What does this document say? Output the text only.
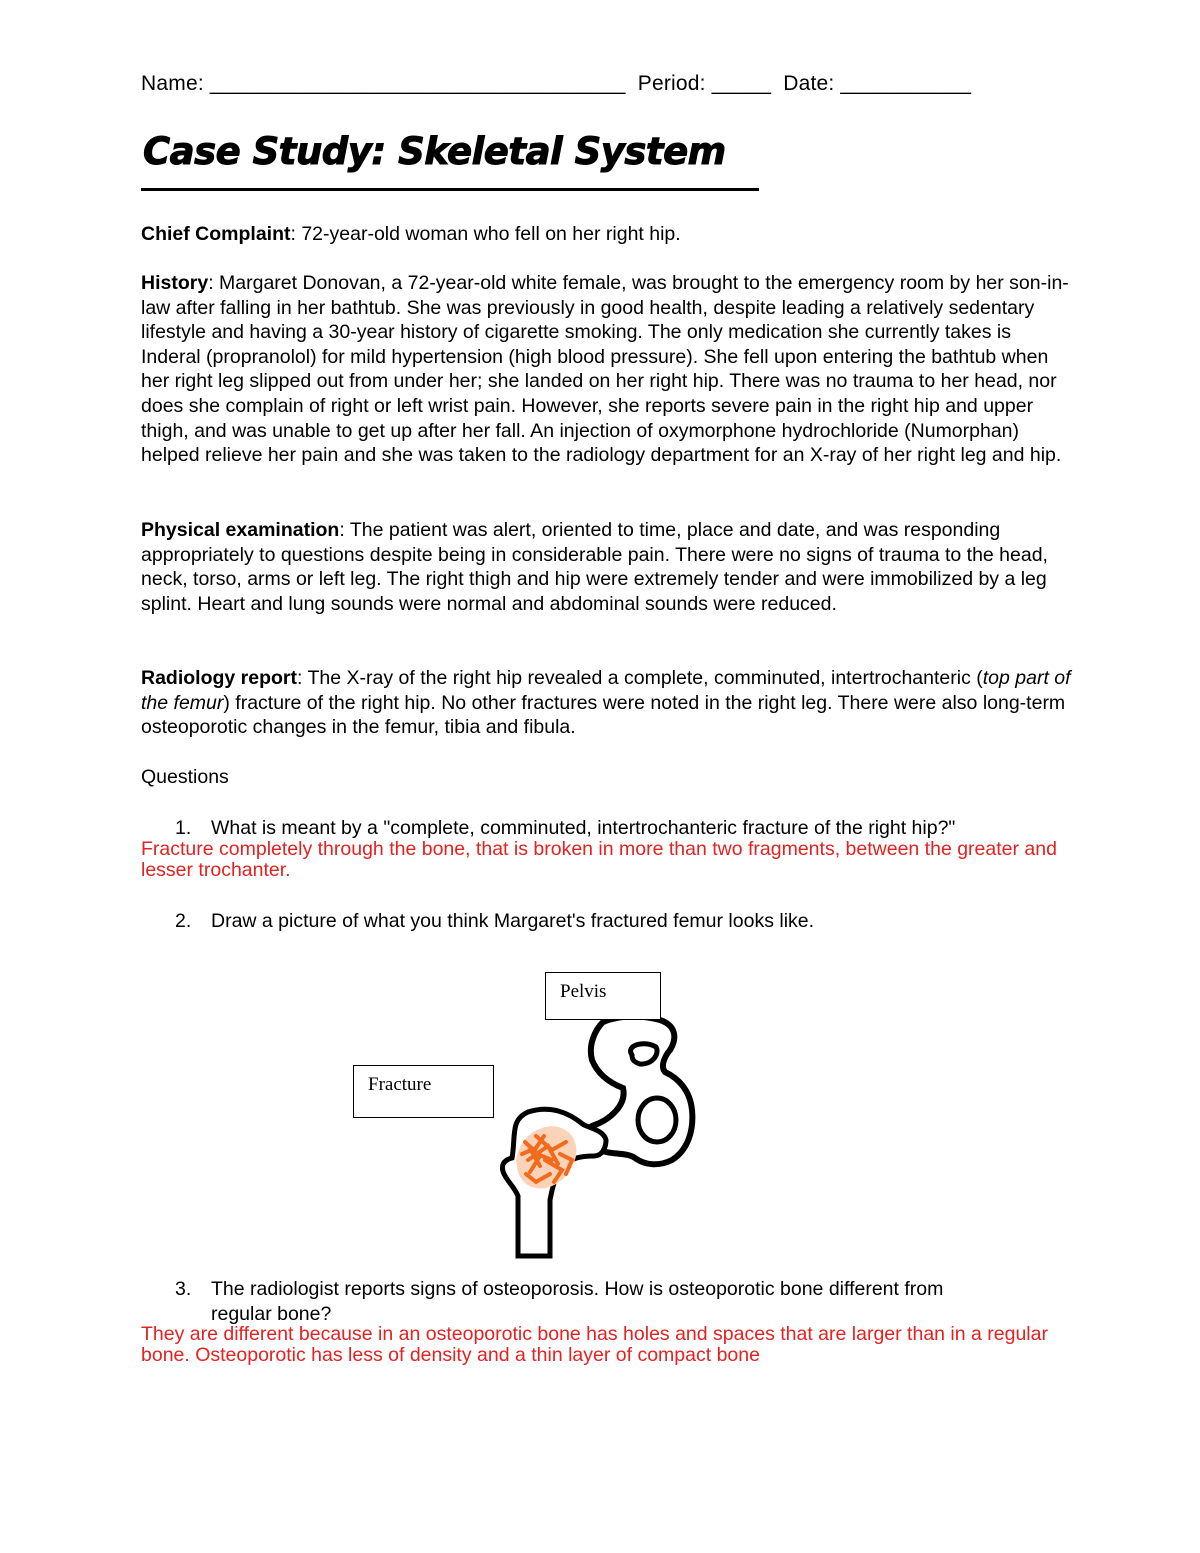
Name: ___________________________________ Period: _____ Date: ___________
Case Study: Skeletal System
Chief Complaint: 72-year-old woman who fell on her right hip.
History: Margaret Donovan, a 72-year-old white female, was brought to the emergency room by her son-in-law after falling in her bathtub. She was previously in good health, despite leading a relatively sedentary lifestyle and having a 30-year history of cigarette smoking. The only medication she currently takes is Inderal (propranolol) for mild hypertension (high blood pressure). She fell upon entering the bathtub when her right leg slipped out from under her; she landed on her right hip. There was no trauma to her head, nor does she complain of right or left wrist pain. However, she reports severe pain in the right hip and upper thigh, and was unable to get up after her fall. An injection of oxymorphone hydrochloride (Numorphan) helped relieve her pain and she was taken to the radiology department for an X-ray of her right leg and hip.
Physical examination: The patient was alert, oriented to time, place and date, and was responding appropriately to questions despite being in considerable pain. There were no signs of trauma to the head, neck, torso, arms or left leg. The right thigh and hip were extremely tender and were immobilized by a leg splint. Heart and lung sounds were normal and abdominal sounds were reduced.
Radiology report: The X-ray of the right hip revealed a complete, comminuted, intertrochanteric (top part of the femur) fracture of the right hip. No other fractures were noted in the right leg. There were also long-term osteoporotic changes in the femur, tibia and fibula.
Questions
1. What is meant by a "complete, comminuted, intertrochanteric fracture of the right hip?"
Fracture completely through the bone, that is broken in more than two fragments, between the greater and lesser trochanter.
2. Draw a picture of what you think Margaret's fractured femur looks like.
Pelvis
Fracture
3. The radiologist reports signs of osteoporosis. How is osteoporotic bone different from regular bone?
They are different because in an osteoporotic bone has holes and spaces that are larger than in a regular bone. Osteoporotic has less of density and a thin layer of compact bone
